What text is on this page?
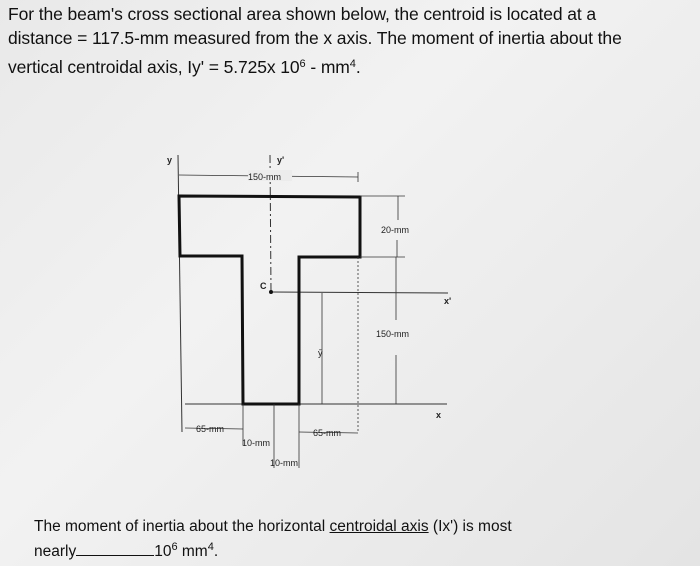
For the beam's cross sectional area shown below, the centroid is located at a
distance = 117.5-mm measured from the x axis. The moment of inertia about the
vertical centroidal axis, Iy' = 5.725x $10^6 - mm^4$.
y	y'
x
x'
C
ȳ
150-mm
20-mm
150-mm
65-mm	65-mm
10-mm
10-mm
The moment of inertia about the horizontal centroidal axis (Ix') is most
nearly	$10^6$ $mm^4$.
